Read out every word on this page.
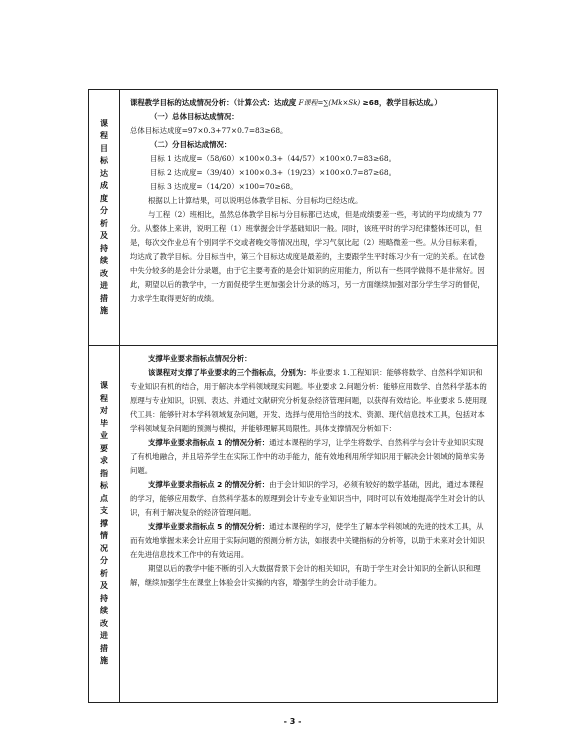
课程目标达成度分析及持续改进措施

课程教学目标的达成情况分析：（计算公式：达成度 F课程=∑(Mk×Sk) ≥68，教学目标达成。）

（一）总体目标达成情况：

总体目标达成度=97×0.3+77×0.7=83≥68。

（二）分目标达成情况：

目标 1 达成度=（58/60）×100×0.3+（44/57）×100×0.7=83≥68。

目标 2 达成度=（39/40）×100×0.3+（19/23）×100×0.7=87≥68。

目标 3 达成度=（14/20）×100=70≥68。

根据以上计算结果，可以说明总体教学目标、分目标均已经达成。

与工程（2）班相比，虽然总体教学目标与分目标都已达成，但是成绩要差一些，考试的平均成绩为 77 分。从整体上来讲，说明工程（1）班掌握会计学基础知识一般。同时，该班平时的学习纪律整体还可以，但是，每次交作业总有个别同学不交或者晚交等情况出现，学习气氛比起（2）班略微差一些。从分目标来看，均达成了教学目标。分目标当中，第三个目标达成度是最差的，主要跟学生平时练习少有一定的关系。在试卷中失分较多的是会计分录题，由于它主要考查的是会计知识的应用能力，所以有一些同学做得不是非常好。因此，期望以后的教学中，一方面促使学生更加强会计分录的练习，另一方面继续加强对部分学生学习的督促，力求学生取得更好的成绩。

课程对毕业要求指标点支撑情况分析及持续改进措施

支撑毕业要求指标点情况分析：

该课程对支撑了毕业要求的三个指标点，分别为：毕业要求 1.工程知识：能够将数学、自然科学知识和专业知识有机的结合，用于解决本学科领域现实问题。毕业要求 2.问题分析：能够应用数学、自然科学基本的原理与专业知识，识别、表达、并通过文献研究分析复杂经济管理问题，以获得有效结论。毕业要求 5.使用现代工具：能够针对本学科领域复杂问题，开发、选择与使用恰当的技术、资源、现代信息技术工具，包括对本学科领域复杂问题的预测与模拟，并能够理解其局限性。具体支撑情况分析如下：

支撑毕业要求指标点 1 的情况分析：通过本课程的学习，让学生将数学、自然科学与会计专业知识实现了有机地融合，并且培养学生在实际工作中的动手能力，能有效地利用所学知识用于解决会计领域的简单实务问题。

支撑毕业要求指标点 2 的情况分析：由于会计知识的学习，必须有较好的数学基础，因此，通过本课程的学习，能够应用数学、自然科学基本的原理到会计专业专业知识当中，同时可以有效地提高学生对会计的认识，有利于解决复杂的经济管理问题。

支撑毕业要求指标点 5 的情况分析：通过本课程的学习，使学生了解本学科领域的先进的技术工具，从而有效地掌握未来会计应用于实际问题的预测分析方法，如报表中关键指标的分析等，以助于未来对会计知识在先进信息技术工作中的有效运用。

期望以后的教学中能不断的引入大数据背景下会计的相关知识，有助于学生对会计知识的全新认识和理解，继续加强学生在课堂上体验会计实操的内容，增强学生的会计动手能力。

- 3 -
